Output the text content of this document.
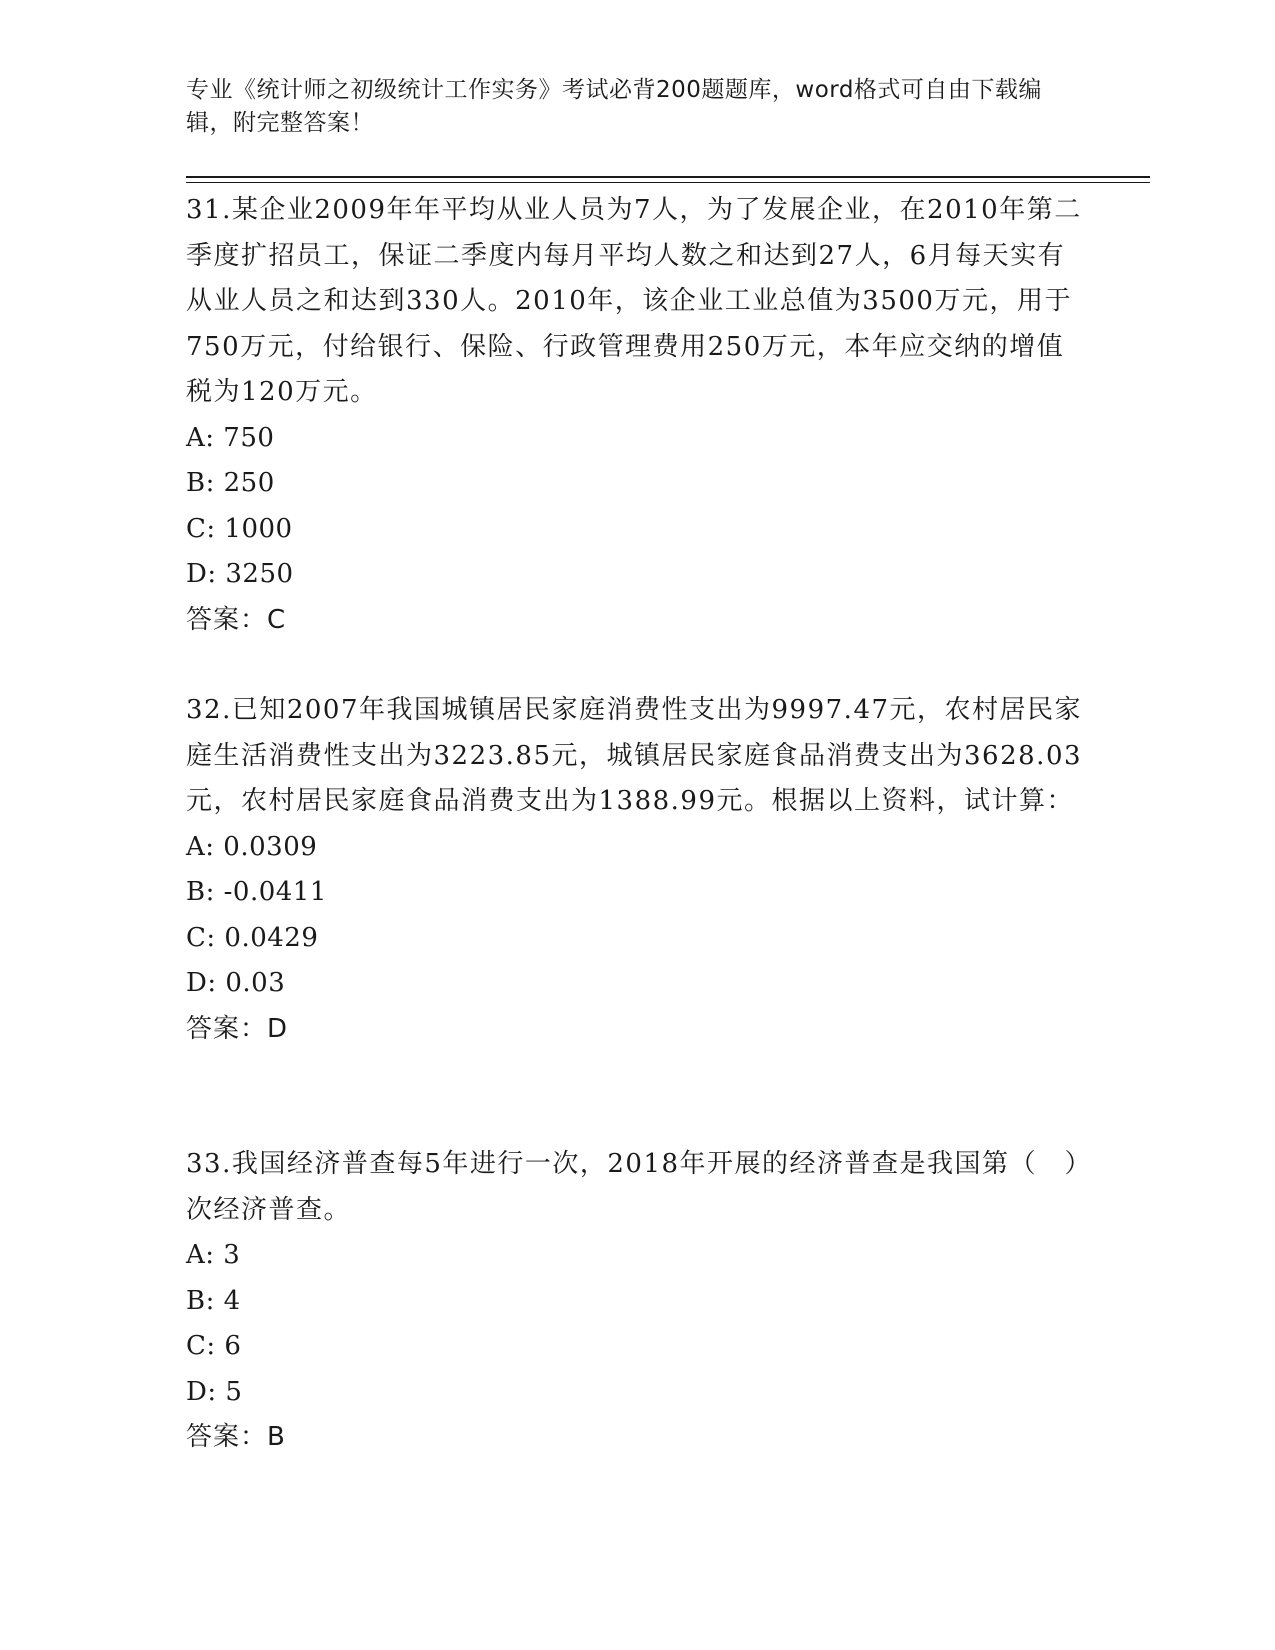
专业《统计师之初级统计工作实务》考试必背200题题库，word格式可自由下载编辑，附完整答案！

31.某企业2009年年平均从业人员为7人，为了发展企业，在2010年第二季度扩招员工，保证二季度内每月平均人数之和达到27人，6月每天实有从业人员之和达到330人。2010年，该企业工业总值为3500万元，用于750万元，付给银行、保险、行政管理费用250万元，本年应交纳的增值税为120万元。

A: 750

B: 250

C: 1000

D: 3250

答案：C

32.已知2007年我国城镇居民家庭消费性支出为9997.47元，农村居民家庭生活消费性支出为3223.85元，城镇居民家庭食品消费支出为3628.03元，农村居民家庭食品消费支出为1388.99元。根据以上资料，试计算：

A: 0.0309

B: -0.0411

C: 0.0429

D: 0.03

答案：D

33.我国经济普查每5年进行一次，2018年开展的经济普查是我国第（　）次经济普查。

A: 3

B: 4

C: 6

D: 5

答案：B
